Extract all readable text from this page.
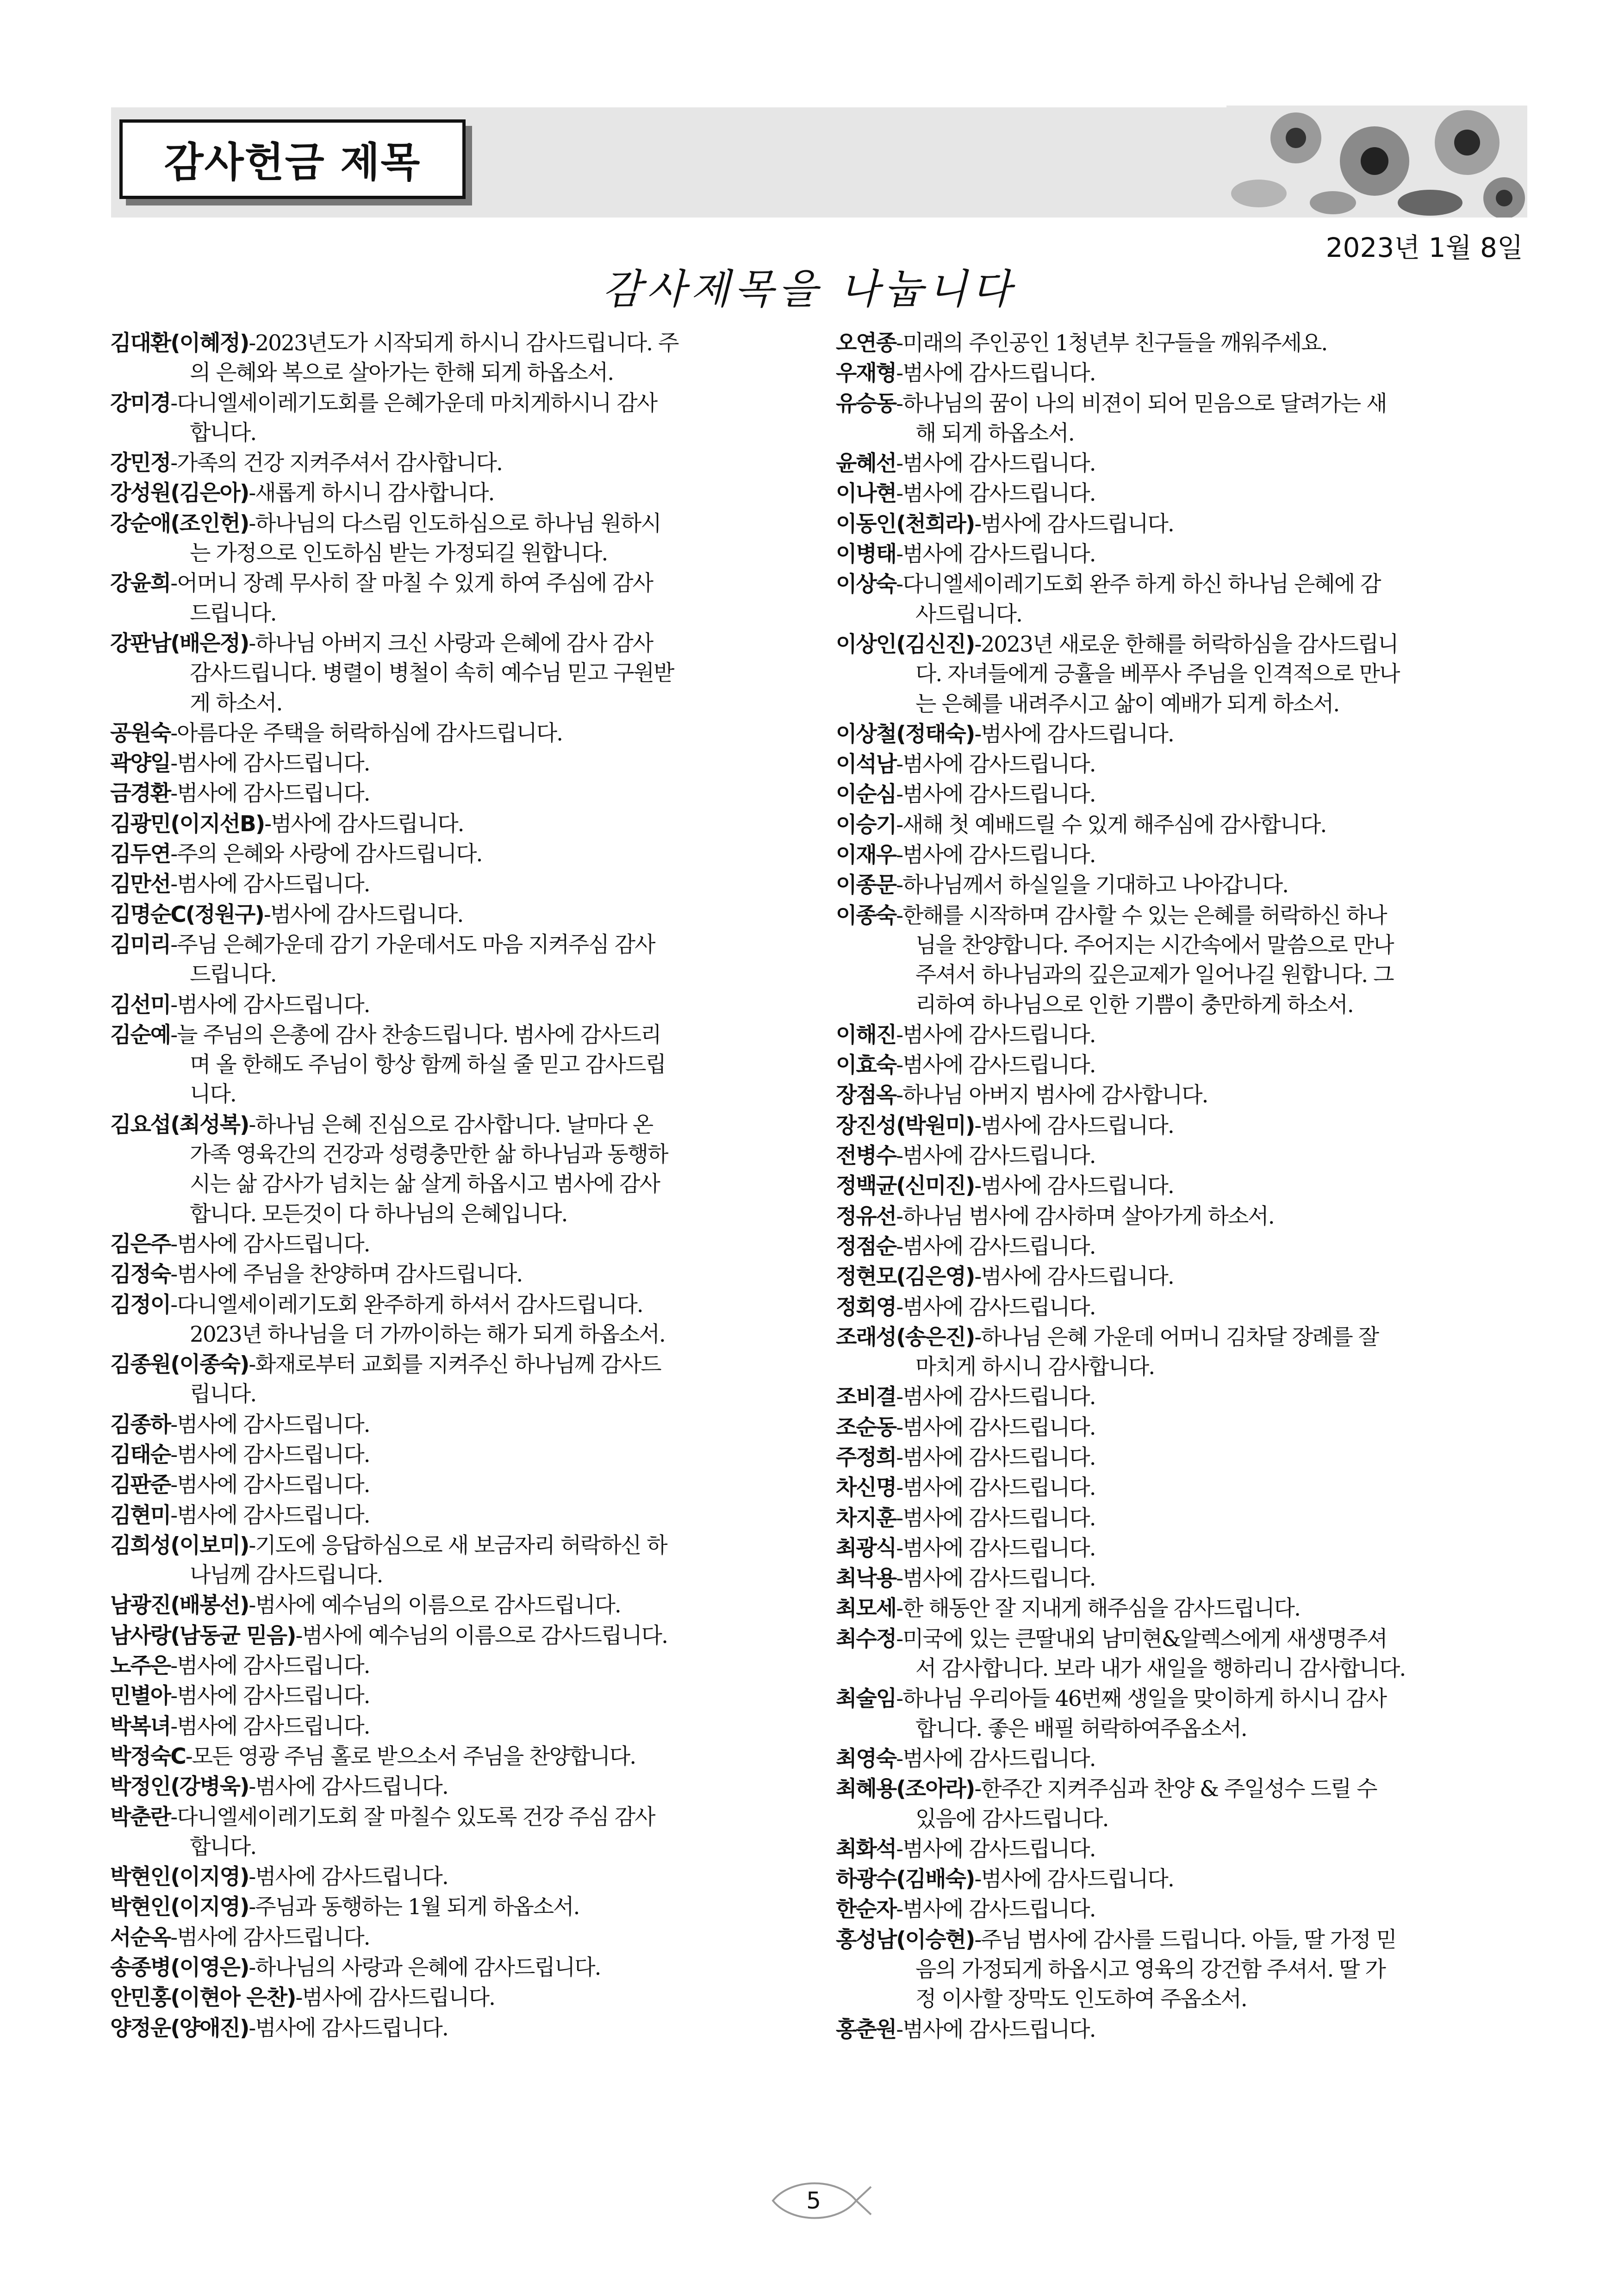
감사헌금 제목
2023년 1월 8일
감사제목을 나눕니다
김대환(이혜정)-2023년도가 시작되게 하시니 감사드립니다. 주
의 은혜와 복으로 살아가는 한해 되게 하옵소서.
강미경-다니엘세이레기도회를 은혜가운데 마치게하시니 감사
합니다.
강민정-가족의 건강 지켜주셔서 감사합니다.
강성원(김은아)-새롭게 하시니 감사합니다.
강순애(조인헌)-하나님의 다스림 인도하심으로 하나님 원하시
는 가정으로 인도하심 받는 가정되길 원합니다.
강윤희-어머니 장례 무사히 잘 마칠 수 있게 하여 주심에 감사
드립니다.
강판남(배은정)-하나님 아버지 크신 사랑과 은혜에 감사 감사
감사드립니다. 병렬이 병철이 속히 예수님 믿고 구원받
게 하소서.
공원숙-아름다운 주택을 허락하심에 감사드립니다.
곽양일-범사에 감사드립니다.
금경환-범사에 감사드립니다.
김광민(이지선B)-범사에 감사드립니다.
김두연-주의 은혜와 사랑에 감사드립니다.
김만선-범사에 감사드립니다.
김명순C(정원구)-범사에 감사드립니다.
김미리-주님 은혜가운데 감기 가운데서도 마음 지켜주심 감사
드립니다.
김선미-범사에 감사드립니다.
김순예-늘 주님의 은총에 감사 찬송드립니다. 범사에 감사드리
며 올 한해도 주님이 항상 함께 하실 줄 믿고 감사드립
니다.
김요섭(최성복)-하나님 은혜 진심으로 감사합니다. 날마다 온
가족 영육간의 건강과 성령충만한 삶 하나님과 동행하
시는 삶 감사가 넘치는 삶 살게 하옵시고 범사에 감사
합니다. 모든것이 다 하나님의 은혜입니다.
김은주-범사에 감사드립니다.
김정숙-범사에 주님을 찬양하며 감사드립니다.
김정이-다니엘세이레기도회 완주하게 하셔서 감사드립니다.
2023년 하나님을 더 가까이하는 해가 되게 하옵소서.
김종원(이종숙)-화재로부터 교회를 지켜주신 하나님께 감사드
립니다.
김종하-범사에 감사드립니다.
김태순-범사에 감사드립니다.
김판준-범사에 감사드립니다.
김현미-범사에 감사드립니다.
김희성(이보미)-기도에 응답하심으로 새 보금자리 허락하신 하
나님께 감사드립니다.
남광진(배봉선)-범사에 예수님의 이름으로 감사드립니다.
남사랑(남동균 믿음)-범사에 예수님의 이름으로 감사드립니다.
노주은-범사에 감사드립니다.
민별아-범사에 감사드립니다.
박복녀-범사에 감사드립니다.
박정숙C-모든 영광 주님 홀로 받으소서 주님을 찬양합니다.
박정인(강병욱)-범사에 감사드립니다.
박춘란-다니엘세이레기도회 잘 마칠수 있도록 건강 주심 감사
합니다.
박현인(이지영)-범사에 감사드립니다.
박현인(이지영)-주님과 동행하는 1월 되게 하옵소서.
서순옥-범사에 감사드립니다.
송종병(이영은)-하나님의 사랑과 은혜에 감사드립니다.
안민홍(이현아 은찬)-범사에 감사드립니다.
양정운(양애진)-범사에 감사드립니다.
오연종-미래의 주인공인 1청년부 친구들을 깨워주세요.
우재형-범사에 감사드립니다.
유승동-하나님의 꿈이 나의 비젼이 되어 믿음으로 달려가는 새
해 되게 하옵소서.
윤혜선-범사에 감사드립니다.
이나현-범사에 감사드립니다.
이동인(천희라)-범사에 감사드립니다.
이병태-범사에 감사드립니다.
이상숙-다니엘세이레기도회 완주 하게 하신 하나님 은혜에 감
사드립니다.
이상인(김신진)-2023년 새로운 한해를 허락하심을 감사드립니
다. 자녀들에게 긍휼을 베푸사 주님을 인격적으로 만나
는 은혜를 내려주시고 삶이 예배가 되게 하소서.
이상철(정태숙)-범사에 감사드립니다.
이석남-범사에 감사드립니다.
이순심-범사에 감사드립니다.
이승기-새해 첫 예배드릴 수 있게 해주심에 감사합니다.
이재우-범사에 감사드립니다.
이종문-하나님께서 하실일을 기대하고 나아갑니다.
이종숙-한해를 시작하며 감사할 수 있는 은혜를 허락하신 하나
님을 찬양합니다. 주어지는 시간속에서 말씀으로 만나
주셔서 하나님과의 깊은교제가 일어나길 원합니다. 그
리하여 하나님으로 인한 기쁨이 충만하게 하소서.
이해진-범사에 감사드립니다.
이효숙-범사에 감사드립니다.
장점옥-하나님 아버지 범사에 감사합니다.
장진성(박원미)-범사에 감사드립니다.
전병수-범사에 감사드립니다.
정백균(신미진)-범사에 감사드립니다.
정유선-하나님 범사에 감사하며 살아가게 하소서.
정점순-범사에 감사드립니다.
정현모(김은영)-범사에 감사드립니다.
정회영-범사에 감사드립니다.
조래성(송은진)-하나님 은혜 가운데 어머니 김차달 장례를 잘
마치게 하시니 감사합니다.
조비결-범사에 감사드립니다.
조순동-범사에 감사드립니다.
주정희-범사에 감사드립니다.
차신명-범사에 감사드립니다.
차지훈-범사에 감사드립니다.
최광식-범사에 감사드립니다.
최낙용-범사에 감사드립니다.
최모세-한 해동안 잘 지내게 해주심을 감사드립니다.
최수정-미국에 있는 큰딸내외 남미현&알렉스에게 새생명주셔
서 감사합니다. 보라 내가 새일을 행하리니 감사합니다.
최술임-하나님 우리아들 46번째 생일을 맞이하게 하시니 감사
합니다. 좋은 배필 허락하여주옵소서.
최영숙-범사에 감사드립니다.
최혜용(조아라)-한주간 지켜주심과 찬양 & 주일성수 드릴 수
있음에 감사드립니다.
최화석-범사에 감사드립니다.
하광수(김배숙)-범사에 감사드립니다.
한순자-범사에 감사드립니다.
홍성남(이승현)-주님 범사에 감사를 드립니다. 아들, 딸 가정 믿
음의 가정되게 하옵시고 영육의 강건함 주셔서. 딸 가
정 이사할 장막도 인도하여 주옵소서.
홍춘원-범사에 감사드립니다.
5
